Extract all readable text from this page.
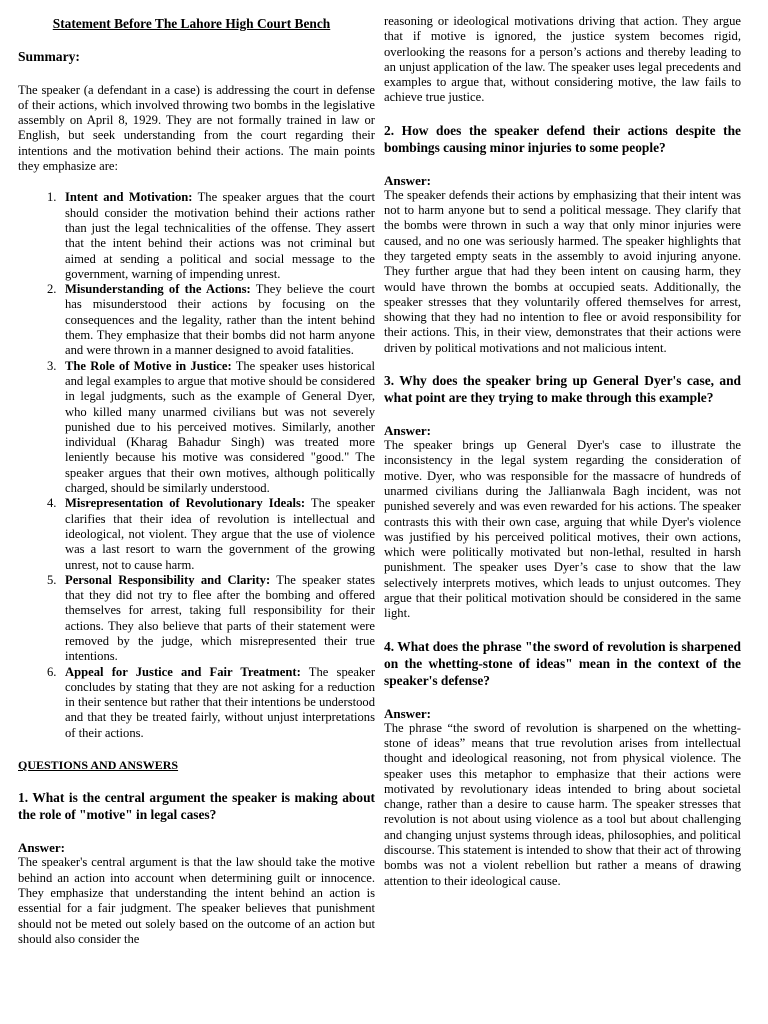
Statement Before The Lahore High Court Bench
Summary:

The speaker (a defendant in a case) is addressing the court in defense of their actions, which involved throwing two bombs in the legislative assembly on April 8, 1929. They are not formally trained in law or English, but seek understanding from the court regarding their intentions and the motivation behind their actions. The main points they emphasize are:

1. Intent and Motivation: The speaker argues that the court should consider the motivation behind their actions rather than just the legal technicalities of the offense. They assert that the intent behind their actions was not criminal but aimed at sending a political and social message to the government, warning of impending unrest.
2. Misunderstanding of the Actions: They believe the court has misunderstood their actions by focusing on the consequences and the legality, rather than the intent behind them. They emphasize that their bombs did not harm anyone and were thrown in a manner designed to avoid fatalities.
3. The Role of Motive in Justice: The speaker uses historical and legal examples to argue that motive should be considered in legal judgments, such as the example of General Dyer, who killed many unarmed civilians but was not severely punished due to his perceived motives. Similarly, another individual (Kharag Bahadur Singh) was treated more leniently because his motive was considered "good." The speaker argues that their own motives, although politically charged, should be similarly understood.
4. Misrepresentation of Revolutionary Ideals: The speaker clarifies that their idea of revolution is intellectual and ideological, not violent. They argue that the use of violence was a last resort to warn the government of the growing unrest, not to cause harm.
5. Personal Responsibility and Clarity: The speaker states that they did not try to flee after the bombing and offered themselves for arrest, taking full responsibility for their actions. They also believe that parts of their statement were removed by the judge, which misrepresented their true intentions.
6. Appeal for Justice and Fair Treatment: The speaker concludes by stating that they are not asking for a reduction in their sentence but rather that their intentions be understood and that they be treated fairly, without unjust interpretations of their actions.
QUESTIONS AND ANSWERS
1. What is the central argument the speaker is making about the role of "motive" in legal cases?
Answer:

The speaker's central argument is that the law should take the motive behind an action into account when determining guilt or innocence. They emphasize that understanding the intent behind an action is essential for a fair judgment. The speaker believes that punishment should not be meted out solely based on the outcome of an action but should also consider the

reasoning or ideological motivations driving that action. They argue that if motive is ignored, the justice system becomes rigid, overlooking the reasons for a person’s actions and thereby leading to an unjust application of the law. The speaker uses legal precedents and examples to argue that, without considering motive, the law fails to achieve true justice.

2. How does the speaker defend their actions despite the bombings causing minor injuries to some people?
Answer:

The speaker defends their actions by emphasizing that their intent was not to harm anyone but to send a political message. They clarify that the bombs were thrown in such a way that only minor injuries were caused, and no one was seriously harmed. The speaker highlights that they targeted empty seats in the assembly to avoid injuring anyone. They further argue that had they been intent on causing harm, they would have thrown the bombs at occupied seats. Additionally, the speaker stresses that they voluntarily offered themselves for arrest, showing that they had no intention to flee or avoid responsibility for their actions. This, in their view, demonstrates that their actions were driven by political motivations and not malicious intent.

3. Why does the speaker bring up General Dyer's case, and what point are they trying to make through this example?
Answer:

The speaker brings up General Dyer's case to illustrate the inconsistency in the legal system regarding the consideration of motive. Dyer, who was responsible for the massacre of hundreds of unarmed civilians during the Jallianwala Bagh incident, was not punished severely and was even rewarded for his actions. The speaker contrasts this with their own case, arguing that while Dyer's violence was justified by his perceived political motives, their own actions, which were politically motivated but non-lethal, resulted in harsh punishment. The speaker uses Dyer’s case to show that the law selectively interprets motives, which leads to unjust outcomes. They argue that their political motivation should be considered in the same light.

4. What does the phrase "the sword of revolution is sharpened on the whetting-stone of ideas" mean in the context of the speaker's defense?
Answer:

The phrase “the sword of revolution is sharpened on the whetting-stone of ideas” means that true revolution arises from intellectual thought and ideological reasoning, not from physical violence. The speaker uses this metaphor to emphasize that their actions were motivated by revolutionary ideas intended to bring about societal change, rather than a desire to cause harm. The speaker stresses that revolution is not about using violence as a tool but about challenging and changing unjust systems through ideas, philosophies, and political discourse. This statement is intended to show that their act of throwing bombs was not a violent rebellion but rather a means of drawing attention to their ideological cause.
